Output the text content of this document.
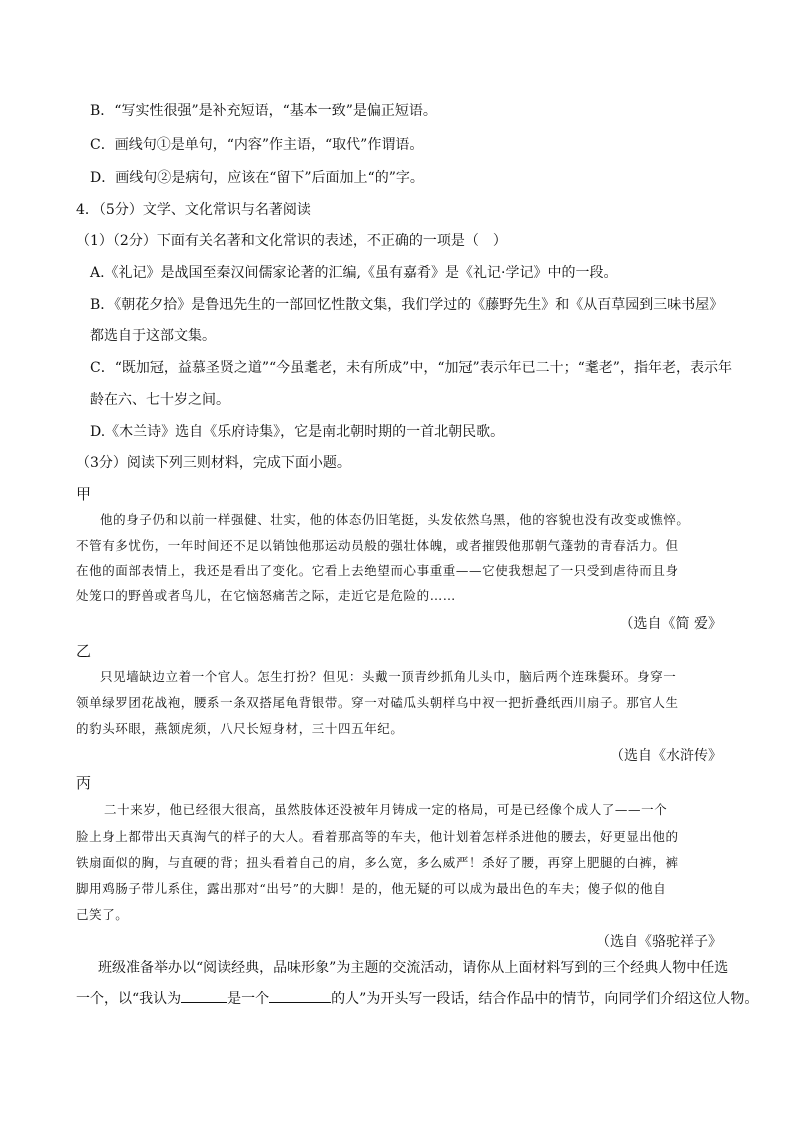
B．“写实性很强”是补充短语，“基本一致”是偏正短语。
C．画线句①是单句，“内容”作主语，“取代”作谓语。
D．画线句②是病句，应该在“留下”后面加上“的”字。
4．（5分）文学、文化常识与名著阅读
（1）（2分）下面有关名著和文化常识的表述，不正确的一项是（　）
A.《礼记》是战国至秦汉间儒家论著的汇编,《虽有嘉肴》是《礼记·学记》中的一段。
B．《朝花夕拾》是鲁迅先生的一部回忆性散文集，我们学过的《藤野先生》和《从百草园到三味书屋》
都选自于这部文集。
C．“既加冠，益慕圣贤之道”“今虽耄老，未有所成”中，“加冠”表示年已二十；“耄老”，指年老，表示年
龄在六、七十岁之间。
D.《木兰诗》选自《乐府诗集》，它是南北朝时期的一首北朝民歌。
（3分）阅读下列三则材料，完成下面小题。
甲
他的身子仍和以前一样强健、壮实，他的体态仍旧笔挺，头发依然乌黑，他的容貌也没有改变或憔悴。
不管有多忧伤，一年时间还不足以销蚀他那运动员般的强壮体魄，或者摧毁他那朝气蓬勃的青春活力。但
在他的面部表情上，我还是看出了变化。它看上去绝望而心事重重——它使我想起了一只受到虐待而且身
处笼口的野兽或者鸟儿，在它恼怒痛苦之际，走近它是危险的……
（选自《简 爱》
乙
只见墙缺边立着一个官人。怎生打扮？但见：头戴一顶青纱抓角儿头巾，脑后两个连珠鬓环。身穿一
领单绿罗团花战袍，腰系一条双搭尾龟背银带。穿一对磕瓜头朝样乌中衩一把折叠纸西川扇子。那官人生
的豹头环眼，燕颔虎须，八尺长短身材，三十四五年纪。
（选自《水浒传》
丙
二十来岁，他已经很大很高，虽然肢体还没被年月铸成一定的格局，可是已经像个成人了——一个
脸上身上都带出天真淘气的样子的大人。看着那高等的车夫，他计划着怎样杀进他的腰去，好更显出他的
铁扇面似的胸，与直硬的背；扭头看着自己的肩，多么宽，多么威严！杀好了腰，再穿上肥腿的白裤，裤
脚用鸡肠子带儿系住，露出那对“出号”的大脚！是的，他无疑的可以成为最出色的车夫；傻子似的他自
己笑了。
（选自《骆驼祥子》
班级准备举办以“阅读经典，品味形象”为主题的交流活动，请你从上面材料写到的三个经典人物中任选
一个，以“我认为	是一个	的人”为开头写一段话，结合作品中的情节，向同学们介绍这位人物。
